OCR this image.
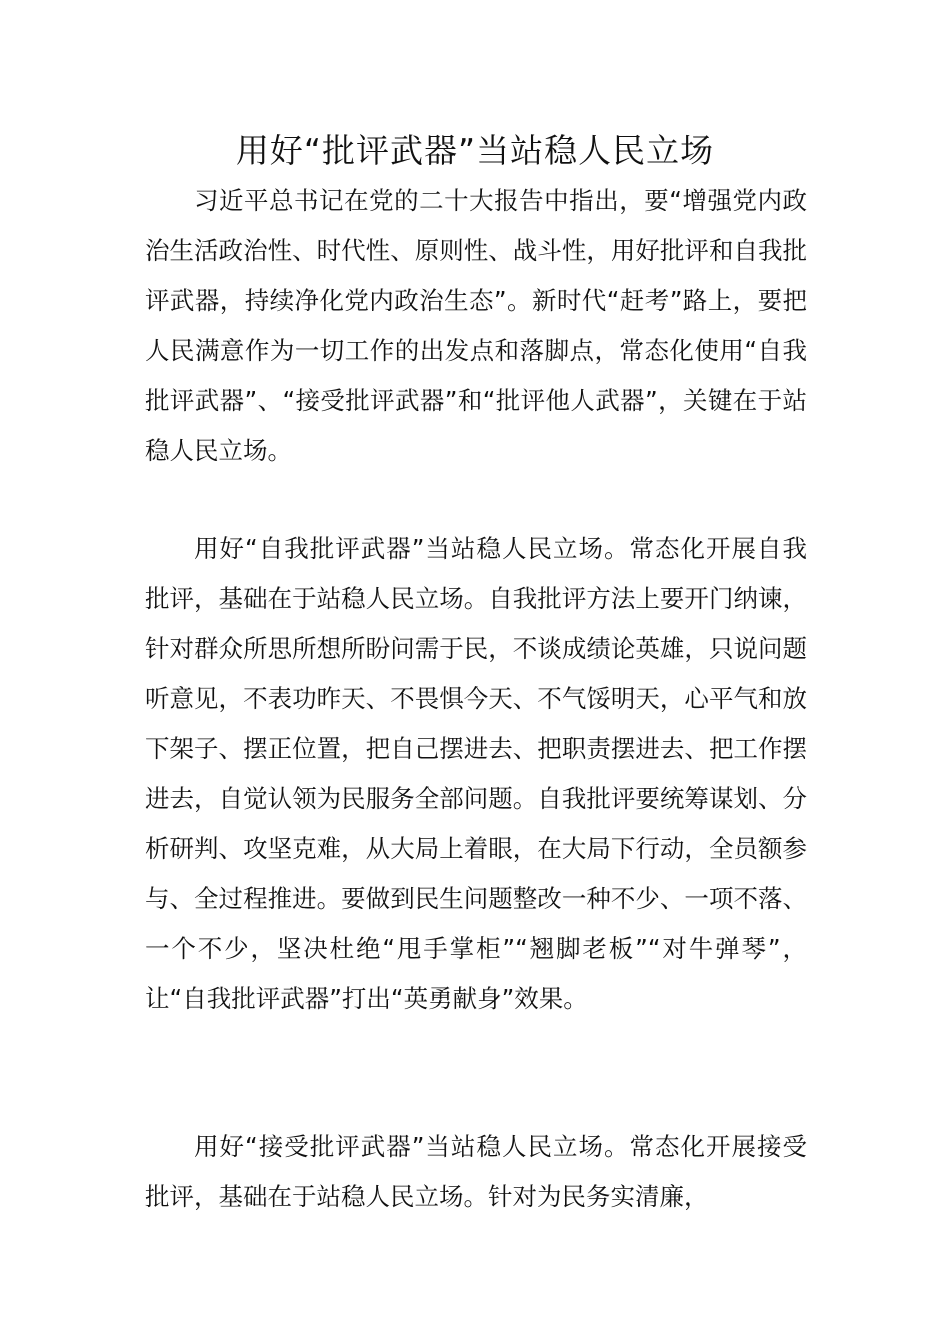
用好“批评武器”当站稳人民立场

习近平总书记在党的二十大报告中指出，要“增强党内政治生活政治性、时代性、原则性、战斗性，用好批评和自我批评武器，持续净化党内政治生态”。新时代“赶考”路上，要把人民满意作为一切工作的出发点和落脚点，常态化使用“自我批评武器”、“接受批评武器”和“批评他人武器”，关键在于站稳人民立场。

用好“自我批评武器”当站稳人民立场。常态化开展自我批评，基础在于站稳人民立场。自我批评方法上要开门纳谏，针对群众所思所想所盼问需于民，不谈成绩论英雄，只说问题听意见，不表功昨天、不畏惧今天、不气馁明天，心平气和放下架子、摆正位置，把自己摆进去、把职责摆进去、把工作摆进去，自觉认领为民服务全部问题。自我批评要统筹谋划、分析研判、攻坚克难，从大局上着眼，在大局下行动，全员额参与、全过程推进。要做到民生问题整改一种不少、一项不落、一个不少，坚决杜绝“甩手掌柜”“翘脚老板”“对牛弹琴”，让“自我批评武器”打出“英勇献身”效果。

用好“接受批评武器”当站稳人民立场。常态化开展接受批评，基础在于站稳人民立场。针对为民务实清廉，
